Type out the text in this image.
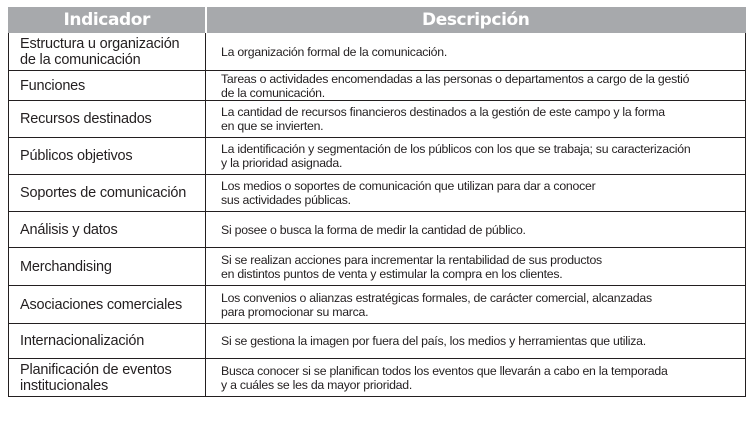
Indicador	Descripción

Estructura u organización
de la comunicación	La organización formal de la comunicación.

Funciones	Tareas o actividades encomendadas a las personas o departamentos a cargo de la gestió
de la comunicación.

Recursos destinados	La cantidad de recursos financieros destinados a la gestión de este campo y la forma
en que se invierten.

Públicos objetivos	La identificación y segmentación de los públicos con los que se trabaja; su caracterización
y la prioridad asignada.

Soportes de comunicación	Los medios o soportes de comunicación que utilizan para dar a conocer
sus actividades públicas.

Análisis y datos	Si posee o busca la forma de medir la cantidad de público.

Merchandising	Si se realizan acciones para incrementar la rentabilidad de sus productos
en distintos puntos de venta y estimular la compra en los clientes.

Asociaciones comerciales	Los convenios o alianzas estratégicas formales, de carácter comercial, alcanzadas
para promocionar su marca.

Internacionalización	Si se gestiona la imagen por fuera del país, los medios y herramientas que utiliza.

Planificación de eventos
institucionales	Busca conocer si se planifican todos los eventos que llevarán a cabo en la temporada
y a cuáles se les da mayor prioridad.
